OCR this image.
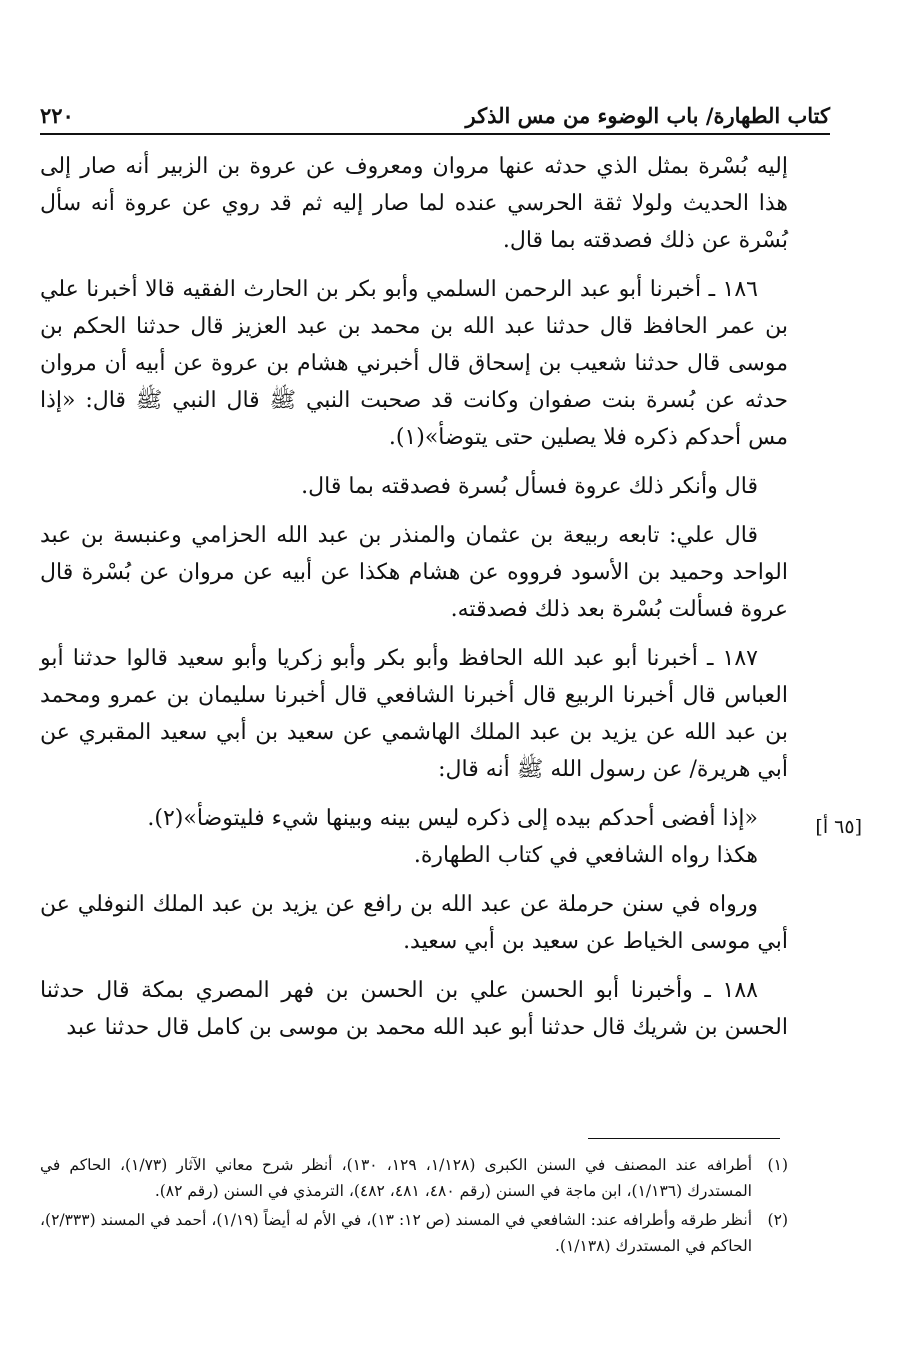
كتاب الطهارة/ باب الوضوء من مس الذكر
٢٢٠
[٦٥ أ]

إليه بُسْرة بمثل الذي حدثه عنها مروان ومعروف عن عروة بن الزبير أنه صار إلى هذا الحديث ولولا ثقة الحرسي عنده لما صار إليه ثم قد روي عن عروة أنه سأل بُسْرة عن ذلك فصدقته بما قال.

١٨٦ ـ أخبرنا أبو عبد الرحمن السلمي وأبو بكر بن الحارث الفقيه قالا أخبرنا علي بن عمر الحافظ قال حدثنا عبد الله بن محمد بن عبد العزيز قال حدثنا الحكم بن موسى قال حدثنا شعيب بن إسحاق قال أخبرني هشام بن عروة عن أبيه أن مروان حدثه عن بُسرة بنت صفوان وكانت قد صحبت النبي ﷺ قال النبي ﷺ قال: «إذا مس أحدكم ذكره فلا يصلين حتى يتوضأ»(١).

قال وأنكر ذلك عروة فسأل بُسرة فصدقته بما قال.

قال علي: تابعه ربيعة بن عثمان والمنذر بن عبد الله الحزامي وعنبسة بن عبد الواحد وحميد بن الأسود فرووه عن هشام هكذا عن أبيه عن مروان عن بُسْرة قال عروة فسألت بُسْرة بعد ذلك فصدقته.

١٨٧ ـ أخبرنا أبو عبد الله الحافظ وأبو بكر وأبو زكريا وأبو سعيد قالوا حدثنا أبو العباس قال أخبرنا الربيع قال أخبرنا الشافعي قال أخبرنا سليمان بن عمرو ومحمد بن عبد الله عن يزيد بن عبد الملك الهاشمي عن سعيد بن أبي سعيد المقبري عن أبي هريرة/ عن رسول الله ﷺ أنه قال:

«إذا أفضى أحدكم بيده إلى ذكره ليس بينه وبينها شيء فليتوضأ»(٢).

هكذا رواه الشافعي في كتاب الطهارة.

ورواه في سنن حرملة عن عبد الله بن رافع عن يزيد بن عبد الملك النوفلي عن أبي موسى الخياط عن سعيد بن أبي سعيد.

١٨٨ ـ وأخبرنا أبو الحسن علي بن الحسن بن فهر المصري بمكة قال حدثنا الحسن بن شريك قال حدثنا أبو عبد الله محمد بن موسى بن كامل قال حدثنا عبد

(١)
أطرافه عند المصنف في السنن الكبرى (١/١٢٨، ١٢٩، ١٣٠)، أنظر شرح معاني الآثار (١/٧٣)، الحاكم في المستدرك (١/١٣٦)، ابن ماجة في السنن (رقم ٤٨٠، ٤٨١، ٤٨٢)، الترمذي في السنن (رقم ٨٢).
(٢)
أنظر طرقه وأطرافه عند: الشافعي في المسند (ص ١٢: ١٣)، في الأم له أيضاً (١/١٩)، أحمد في المسند (٢/٣٣٣)، الحاكم في المستدرك (١/١٣٨).
